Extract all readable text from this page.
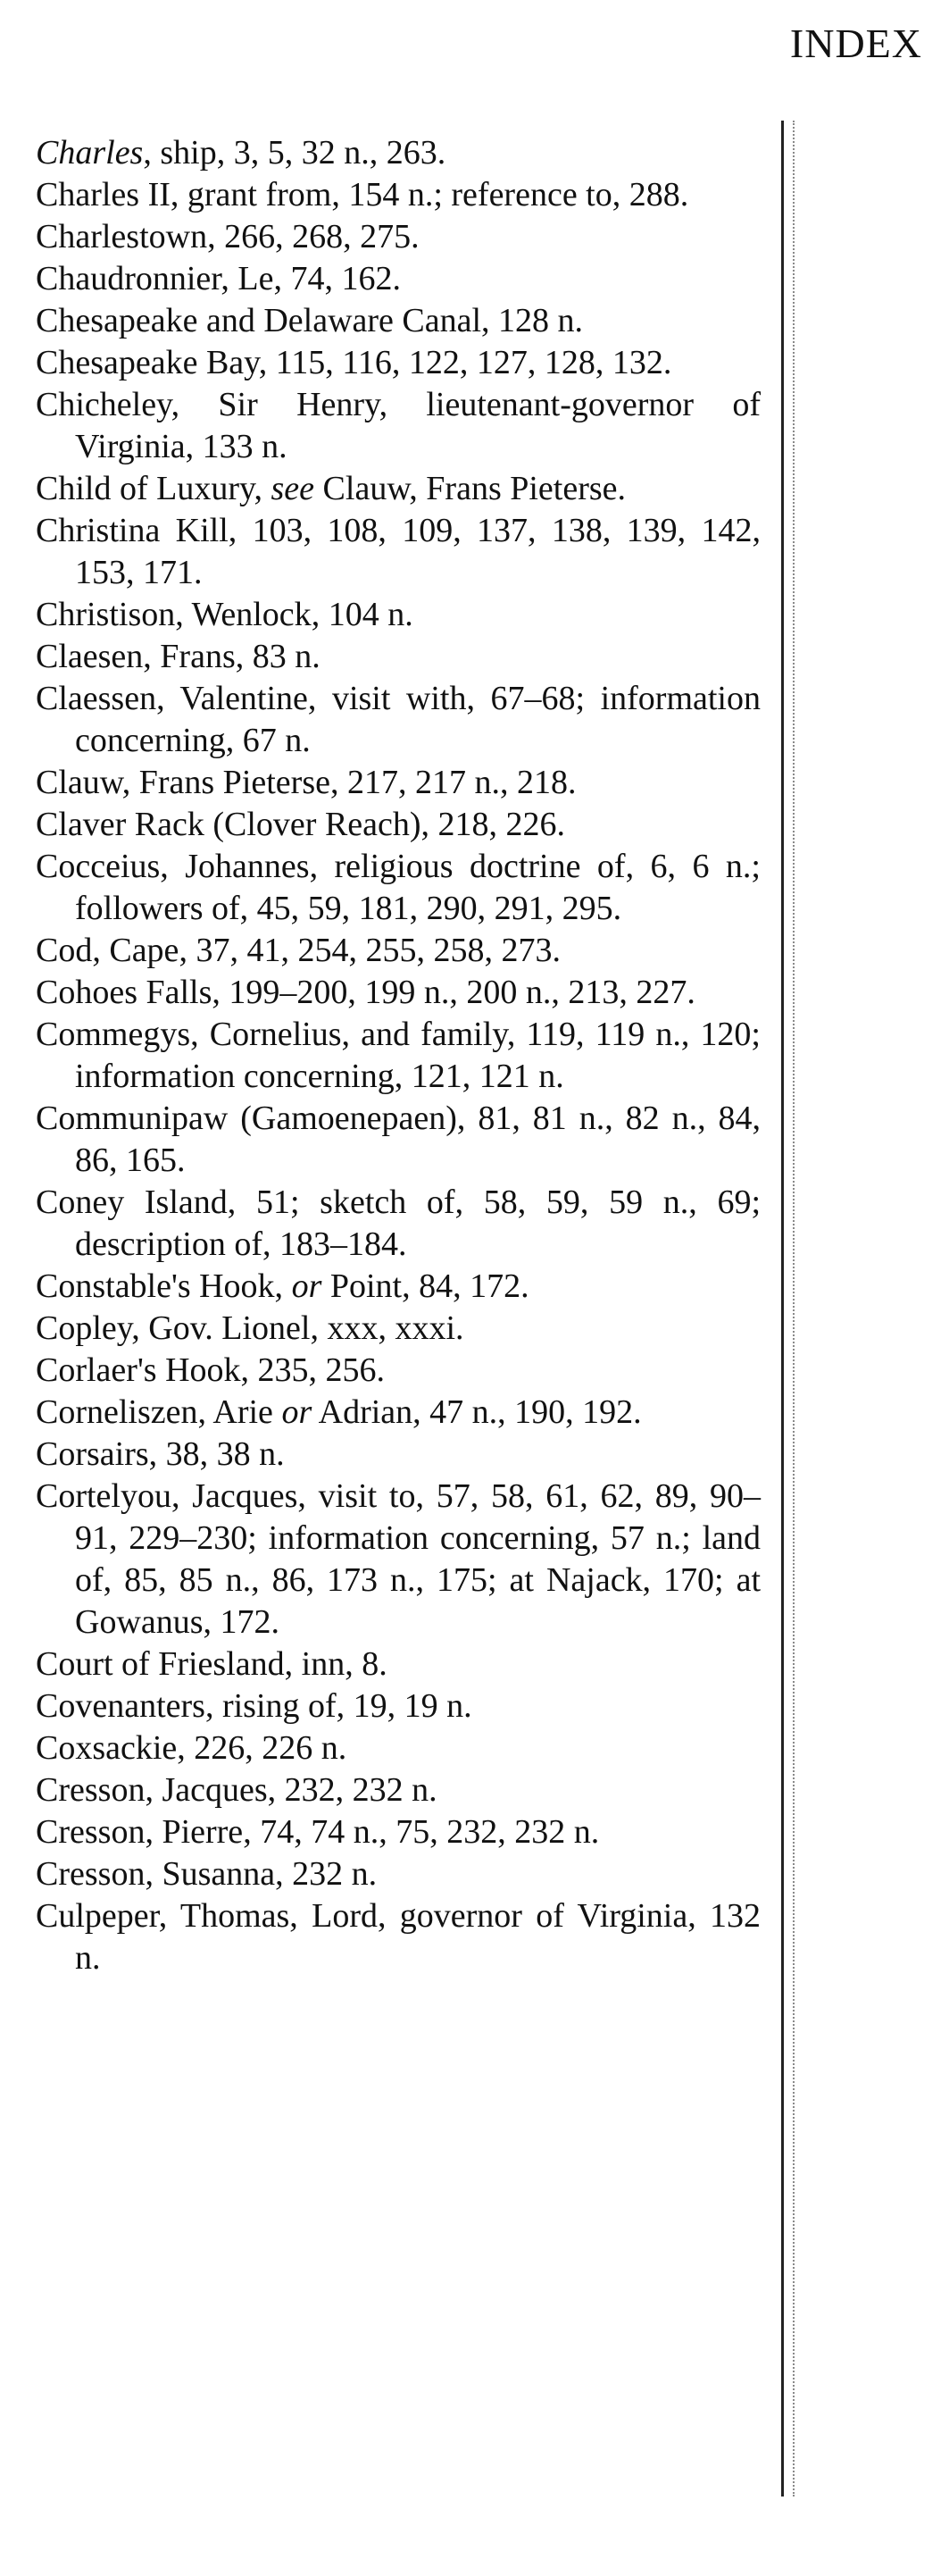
INDEX
Charles, ship, 3, 5, 32 n., 263.
Charles II, grant from, 154 n.; reference to, 288.
Charlestown, 266, 268, 275.
Chaudronnier, Le, 74, 162.
Chesapeake and Delaware Canal, 128 n.
Chesapeake Bay, 115, 116, 122, 127, 128, 132.
Chicheley, Sir Henry, lieutenant-governor of Virginia, 133 n.
Child of Luxury, see Clauw, Frans Pieterse.
Christina Kill, 103, 108, 109, 137, 138, 139, 142, 153, 171.
Christison, Wenlock, 104 n.
Claesen, Frans, 83 n.
Claessen, Valentine, visit with, 67–68; information concerning, 67 n.
Clauw, Frans Pieterse, 217, 217 n., 218.
Claver Rack (Clover Reach), 218, 226.
Cocceius, Johannes, religious doctrine of, 6, 6 n.; followers of, 45, 59, 181, 290, 291, 295.
Cod, Cape, 37, 41, 254, 255, 258, 273.
Cohoes Falls, 199–200, 199 n., 200 n., 213, 227.
Commegys, Cornelius, and family, 119, 119 n., 120; information concerning, 121, 121 n.
Communipaw (Gamoenepaen), 81, 81 n., 82 n., 84, 86, 165.
Coney Island, 51; sketch of, 58, 59, 59 n., 69; description of, 183–184.
Constable's Hook, or Point, 84, 172.
Copley, Gov. Lionel, xxx, xxxi.
Corlaer's Hook, 235, 256.
Corneliszen, Arie or Adrian, 47 n., 190, 192.
Corsairs, 38, 38 n.
Cortelyou, Jacques, visit to, 57, 58, 61, 62, 89, 90–91, 229–230; information concerning, 57 n.; land of, 85, 85 n., 86, 173 n., 175; at Najack, 170; at Gowanus, 172.
Court of Friesland, inn, 8.
Covenanters, rising of, 19, 19 n.
Coxsackie, 226, 226 n.
Cresson, Jacques, 232, 232 n.
Cresson, Pierre, 74, 74 n., 75, 232, 232 n.
Cresson, Susanna, 232 n.
Culpeper, Thomas, Lord, governor of Virginia, 132 n.
